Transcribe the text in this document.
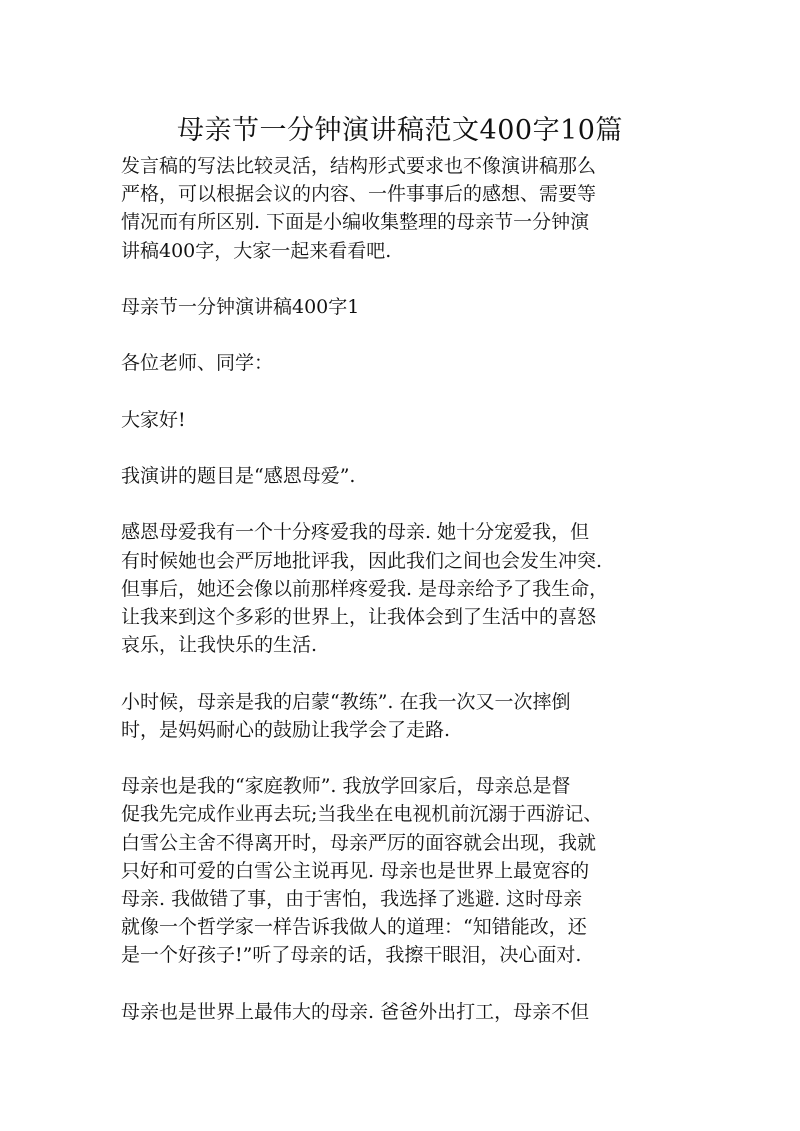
母亲节一分钟演讲稿范文400字10篇
发言稿的写法比较灵活，结构形式要求也不像演讲稿那么
严格，可以根据会议的内容、一件事事后的感想、需要等
情况而有所区别. 下面是小编收集整理的母亲节一分钟演
讲稿400字，大家一起来看看吧.
母亲节一分钟演讲稿400字1
各位老师、同学：
大家好!
我演讲的题目是“感恩母爱”.
感恩母爱我有一个十分疼爱我的母亲. 她十分宠爱我，但
有时候她也会严厉地批评我，因此我们之间也会发生冲突.
但事后，她还会像以前那样疼爱我. 是母亲给予了我生命，
让我来到这个多彩的世界上，让我体会到了生活中的喜怒
哀乐，让我快乐的生活.
小时候，母亲是我的启蒙“教练”. 在我一次又一次摔倒
时，是妈妈耐心的鼓励让我学会了走路.
母亲也是我的“家庭教师”. 我放学回家后，母亲总是督
促我先完成作业再去玩;当我坐在电视机前沉溺于西游记、
白雪公主舍不得离开时，母亲严厉的面容就会出现，我就
只好和可爱的白雪公主说再见. 母亲也是世界上最宽容的
母亲. 我做错了事，由于害怕，我选择了逃避. 这时母亲
就像一个哲学家一样告诉我做人的道理：“知错能改，还
是一个好孩子!”听了母亲的话，我擦干眼泪，决心面对.
母亲也是世界上最伟大的母亲. 爸爸外出打工，母亲不但
